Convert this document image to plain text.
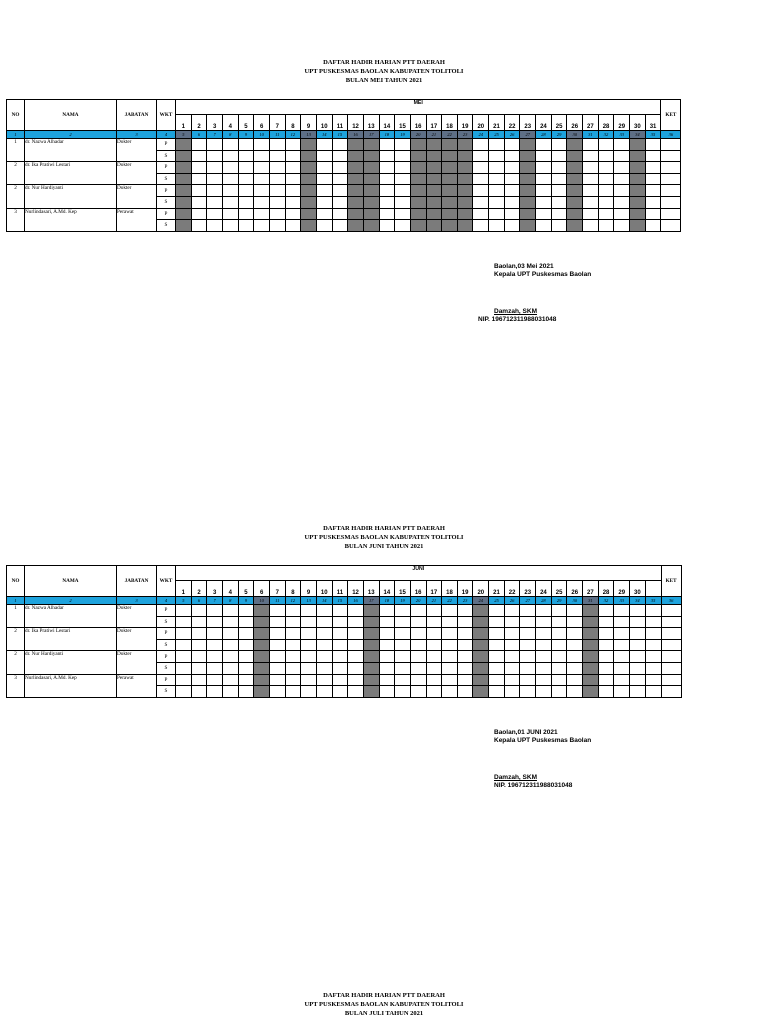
DAFTAR HADIR HARIAN PTT DAERAH
UPT PUSKESMAS BAOLAN KABUPATEN TOLITOLI
BULAN MEI TAHUN 2021
NO	NAMA	JABATAN	WKT	MEI																															KET
				1	2	3	4	5	6	7	8	9	10	11	12	13	14	15	16	17	18	19	20	21	22	23	24	25	26	27	28	29	30	31	
1	2	3	4	5	6	7	8	9	10	11	12	13	14	15	16	17	18	19	20	21	22	23	24	25	26	27	28	29	30	31	32	33	34	35	36
1	dr. Nazwa Alhadar	Dokter	P																																
			S																																
2	dr. Ika Pratiwi Lestari	Dokter	P																																
			S																																
2	dr. Nur Hardiyanti	Dokter	P																																
			S																																
3	Nurlindasari, A.Md. Kep	Perawat	P																																
			S																																
Baolan,03 Mei 2021
Kepala UPT Puskesmas Baolan
Damzah, SKM
NIP. 196712311988031048
DAFTAR HADIR HARIAN PTT DAERAH
UPT PUSKESMAS BAOLAN KABUPATEN TOLITOLI
BULAN JUNI TAHUN 2021
NO	NAMA	JABATAN	WKT	JUNI																															KET
				1	2	3	4	5	6	7	8	9	10	11	12	13	14	15	16	17	18	19	20	21	22	23	24	25	26	27	28	29	30		
1	2	3	4	5	6	7	8	9	10	11	12	13	14	15	16	17	18	19	20	21	22	23	24	25	26	27	28	29	30	31	32	33	34	35	36
1	dr. Nazwa Alhadar	Dokter	P																																
			S																																
2	dr. Ika Pratiwi Lestari	Dokter	P																																
			S																																
2	dr. Nur Hardiyanti	Dokter	P																																
			S																																
3	Nurlindasari, A.Md. Kep	Perawat	P																																
			S																																
Baolan,01 JUNI 2021
Kepala UPT Puskesmas Baolan
Damzah, SKM
NIP. 196712311988031048
DAFTAR HADIR HARIAN PTT DAERAH
UPT PUSKESMAS BAOLAN KABUPATEN TOLITOLI
BULAN JULI TAHUN 2021
